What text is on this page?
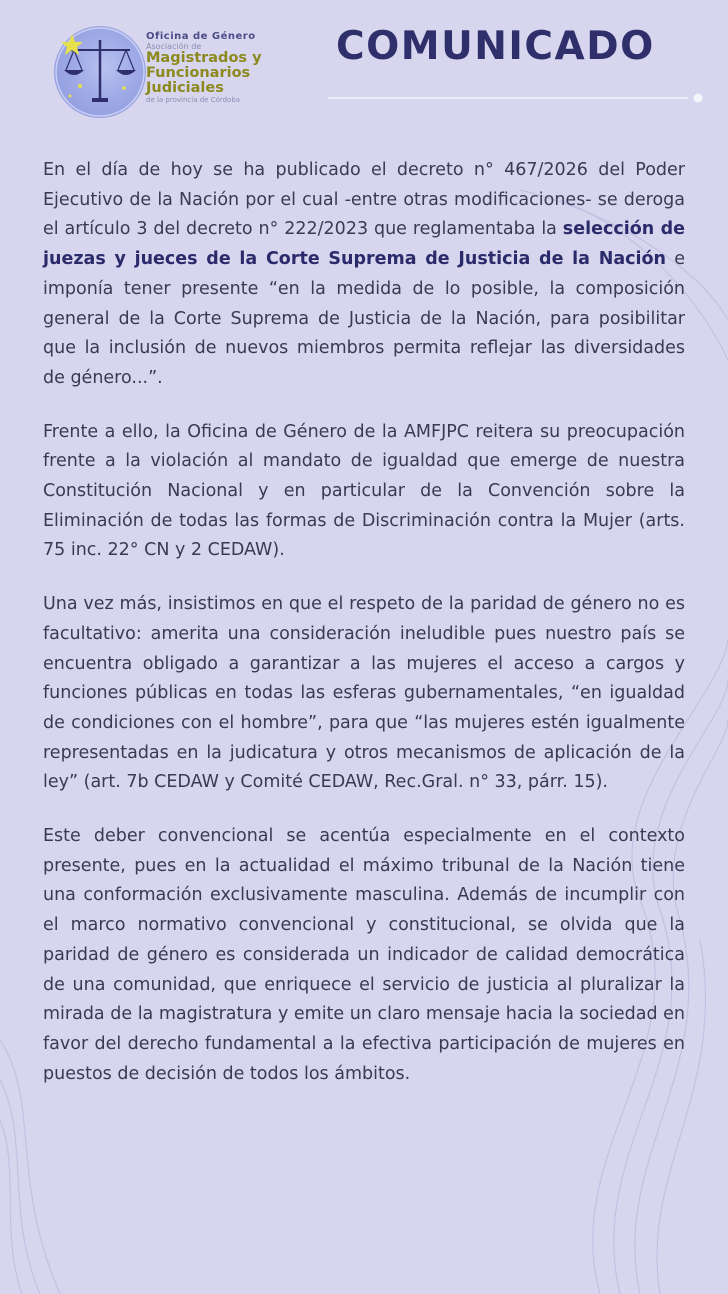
Oficina de Género
Asociación de
Magistrados y
Funcionarios
Judiciales
de la provincia de Córdoba
COMUNICADO

En el día de hoy se ha publicado el decreto n° 467/2026 del Poder Ejecutivo de la Nación por el cual -entre otras modificaciones- se deroga el artículo 3 del decreto n° 222/2023 que reglamentaba la selección de juezas y jueces de la Corte Suprema de Justicia de la Nación e imponía tener presente “en la medida de lo posible, la composición general de la Corte Suprema de Justicia de la Nación, para posibilitar que la inclusión de nuevos miembros permita reflejar las diversidades de género...”.

Frente a ello, la Oficina de Género de la AMFJPC reitera su preocupación frente a la violación al mandato de igualdad que emerge de nuestra Constitución Nacional y en particular de la Convención sobre la Eliminación de todas las formas de Discriminación contra la Mujer (arts. 75 inc. 22° CN y 2 CEDAW).

Una vez más, insistimos en que el respeto de la paridad de género no es facultativo: amerita una consideración ineludible pues nuestro país se encuentra obligado a garantizar a las mujeres el acceso a cargos y funciones públicas en todas las esferas gubernamentales, “en igualdad de condiciones con el hombre”, para que “las mujeres estén igualmente representadas en la judicatura y otros mecanismos de aplicación de la ley” (art. 7b CEDAW y Comité CEDAW, Rec.Gral. n° 33, párr. 15).

Este deber convencional se acentúa especialmente en el contexto presente, pues en la actualidad el máximo tribunal de la Nación tiene una conformación exclusivamente masculina. Además de incumplir con el marco normativo convencional y constitucional, se olvida que la paridad de género es considerada un indicador de calidad democrática de una comunidad, que enriquece el servicio de justicia al pluralizar la mirada de la magistratura y emite un claro mensaje hacia la sociedad en favor del derecho fundamental a la efectiva participación de mujeres en puestos de decisión de todos los ámbitos.
